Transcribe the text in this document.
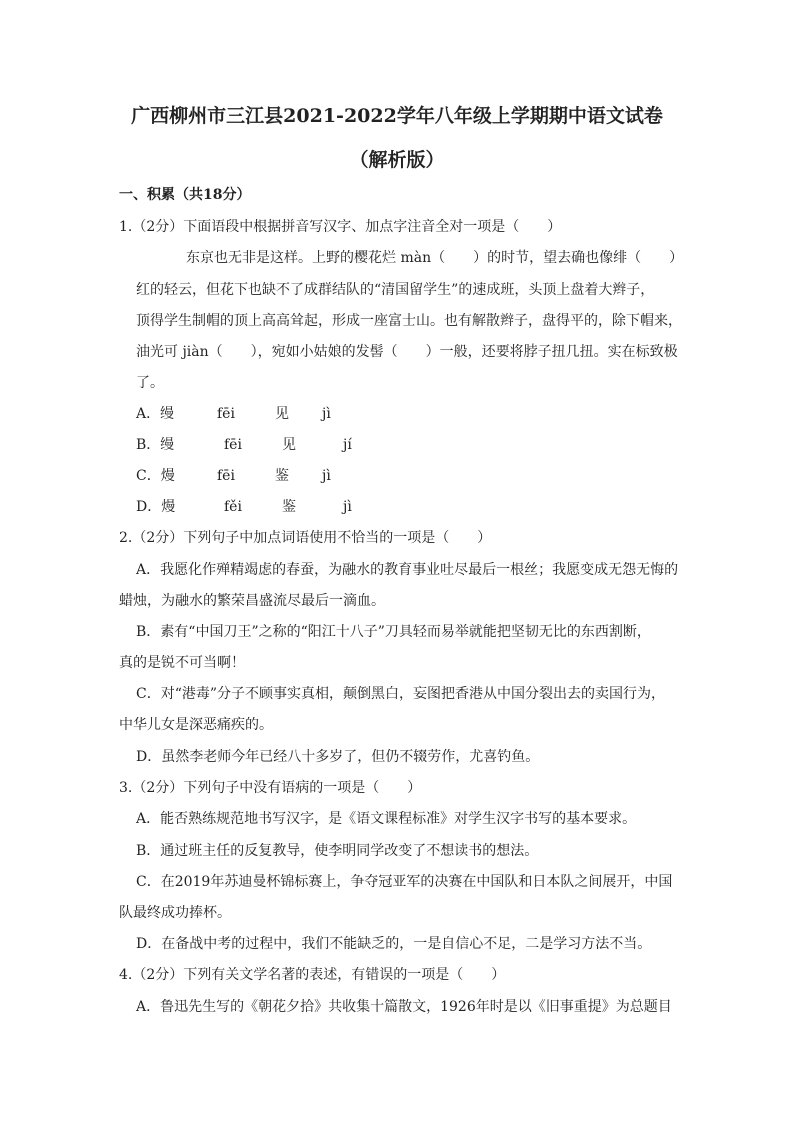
广西柳州市三江县2021-2022学年八年级上学期期中语文试卷
（解析版）
一、积累（共18分）
1.（2分）下面语段中根据拼音写汉字、加点字注音全对一项是（　　）
东京也无非是这样。上野的樱花烂 màn（　　）的时节，望去确也像绯（　　）
红的轻云，但花下也缺不了成群结队的“清国留学生”的速成班，头顶上盘着大辫子，
顶得学生制帽的顶上高高耸起，形成一座富士山。也有解散辫子，盘得平的，除下帽来，
油光可 jiàn（　　），宛如小姑娘的发髻（　　）一般，还要将脖子扭几扭。实在标致极
了。
A．缦	fēi	见 jì
B．缦	fēi	见	jí
C．熳	fēi	鉴 jì
D．熳	fěi	鉴	jì
2.（2分）下列句子中加点词语使用不恰当的一项是（　　）
A．我愿化作殚精竭虑的春蚕，为融水的教育事业吐尽最后一根丝；我愿变成无怨无悔的
蜡烛，为融水的繁荣昌盛流尽最后一滴血。
B．素有“中国刀王”之称的“阳江十八子”刀具轻而易举就能把坚韧无比的东西割断，
真的是锐不可当啊！
C．对“港毒”分子不顾事实真相，颠倒黑白，妄图把香港从中国分裂出去的卖国行为，
中华儿女是深恶痛疾的。
D．虽然李老师今年已经八十多岁了，但仍不辍劳作，尤喜钓鱼。
3.（2分）下列句子中没有语病的一项是（　　）
A．能否熟练规范地书写汉字，是《语文课程标准》对学生汉字书写的基本要求。
B．通过班主任的反复教导，使李明同学改变了不想读书的想法。
C．在2019年苏迪曼杯锦标赛上，争夺冠亚军的决赛在中国队和日本队之间展开，中国
队最终成功捧杯。
D．在备战中考的过程中，我们不能缺乏的，一是自信心不足，二是学习方法不当。
4.（2分）下列有关文学名著的表述，有错误的一项是（　　）
A．鲁迅先生写的《朝花夕拾》共收集十篇散文，1926年时是以《旧事重提》为总题目
